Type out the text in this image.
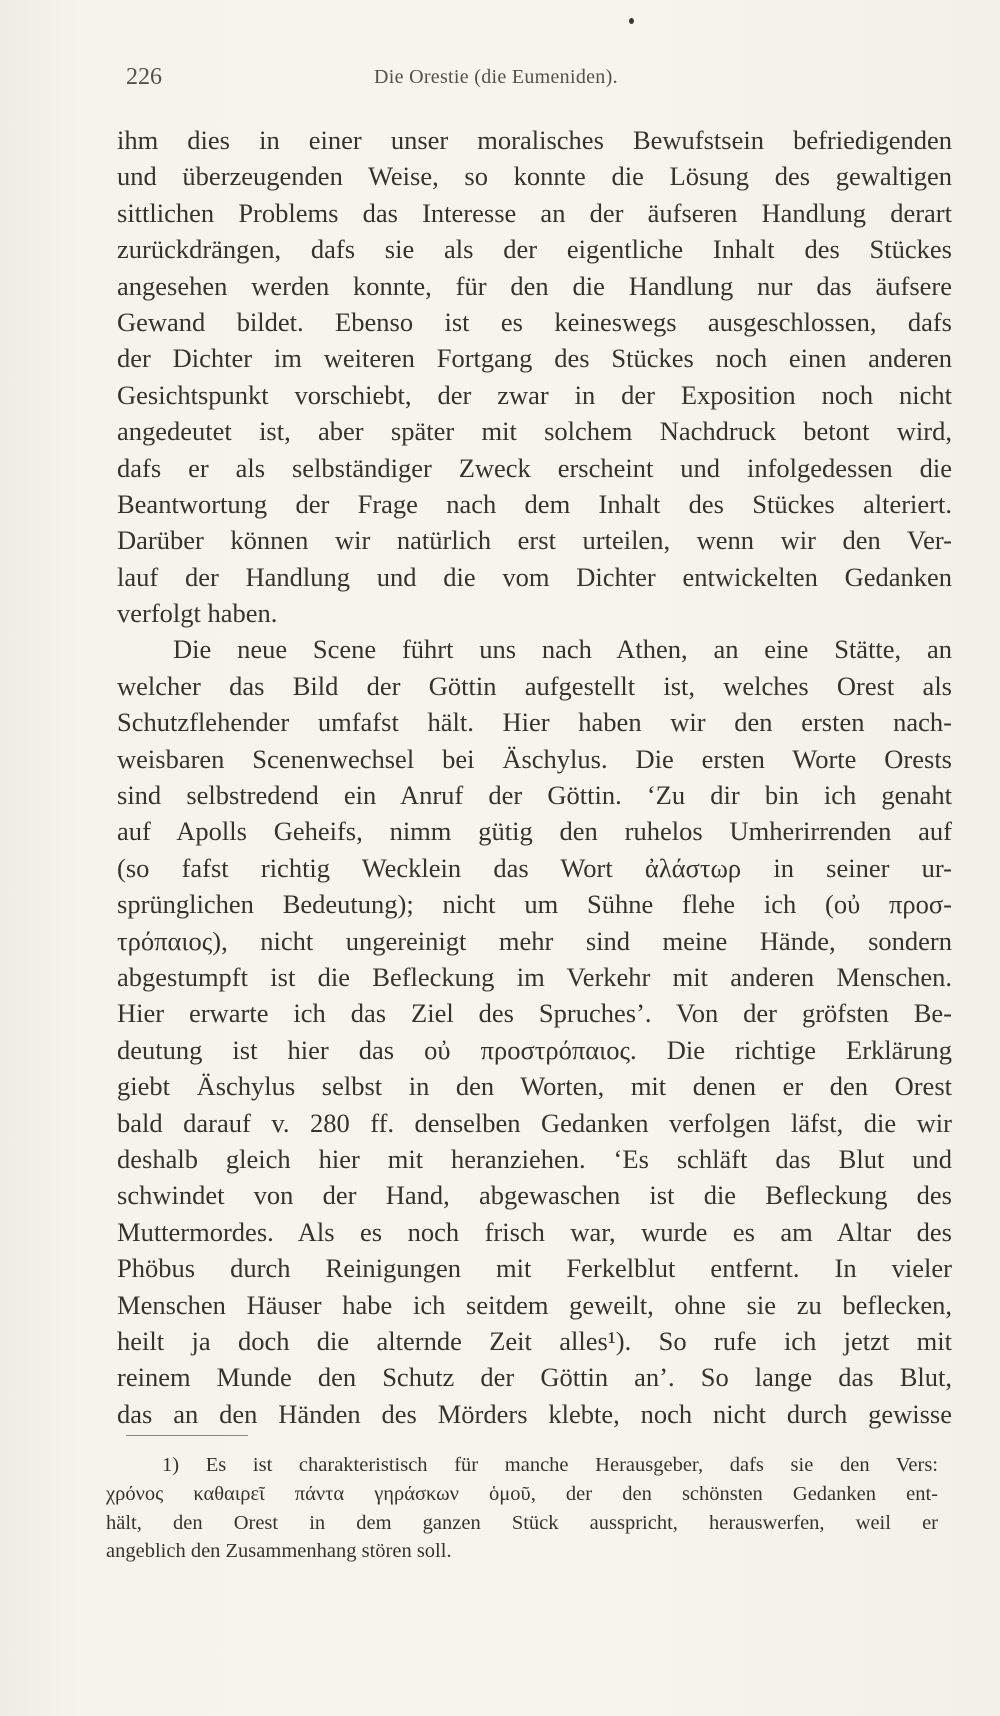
226	Die Orestie (die Eumeniden).
ihm dies in einer unser moralisches Bewufstsein befriedigenden
und überzeugenden Weise, so konnte die Lösung des gewaltigen
sittlichen Problems das Interesse an der äufseren Handlung derart
zurückdrängen, dafs sie als der eigentliche Inhalt des Stückes
angesehen werden konnte, für den die Handlung nur das äufsere
Gewand bildet. Ebenso ist es keineswegs ausgeschlossen, dafs
der Dichter im weiteren Fortgang des Stückes noch einen anderen
Gesichtspunkt vorschiebt, der zwar in der Exposition noch nicht
angedeutet ist, aber später mit solchem Nachdruck betont wird,
dafs er als selbständiger Zweck erscheint und infolgedessen die
Beantwortung der Frage nach dem Inhalt des Stückes alteriert.
Darüber können wir natürlich erst urteilen, wenn wir den Ver-
lauf der Handlung und die vom Dichter entwickelten Gedanken
verfolgt haben.
Die neue Scene führt uns nach Athen, an eine Stätte, an
welcher das Bild der Göttin aufgestellt ist, welches Orest als
Schutzflehender umfafst hält. Hier haben wir den ersten nach-
weisbaren Scenenwechsel bei Äschylus. Die ersten Worte Orests
sind selbstredend ein Anruf der Göttin. ‘Zu dir bin ich genaht
auf Apolls Geheifs, nimm gütig den ruhelos Umherirrenden auf
(so fafst richtig Wecklein das Wort ἀλάστωρ in seiner ur-
sprünglichen Bedeutung); nicht um Sühne flehe ich (οὐ προσ-
τρόπαιος), nicht ungereinigt mehr sind meine Hände, sondern
abgestumpft ist die Befleckung im Verkehr mit anderen Menschen.
Hier erwarte ich das Ziel des Spruches’. Von der gröfsten Be-
deutung ist hier das οὐ προστρόπαιος. Die richtige Erklärung
giebt Äschylus selbst in den Worten, mit denen er den Orest
bald darauf v. 280 ff. denselben Gedanken verfolgen läfst, die wir
deshalb gleich hier mit heranziehen. ‘Es schläft das Blut und
schwindet von der Hand, abgewaschen ist die Befleckung des
Muttermordes. Als es noch frisch war, wurde es am Altar des
Phöbus durch Reinigungen mit Ferkelblut entfernt. In vieler
Menschen Häuser habe ich seitdem geweilt, ohne sie zu beflecken,
heilt ja doch die alternde Zeit alles¹). So rufe ich jetzt mit
reinem Munde den Schutz der Göttin an’. So lange das Blut,
das an den Händen des Mörders klebte, noch nicht durch gewisse
1) Es ist charakteristisch für manche Herausgeber, dafs sie den Vers:
χρόνος καθαιρεῖ πάντα γηράσκων ὁμοῦ, der den schönsten Gedanken ent-
hält, den Orest in dem ganzen Stück ausspricht, herauswerfen, weil er
angeblich den Zusammenhang stören soll.
